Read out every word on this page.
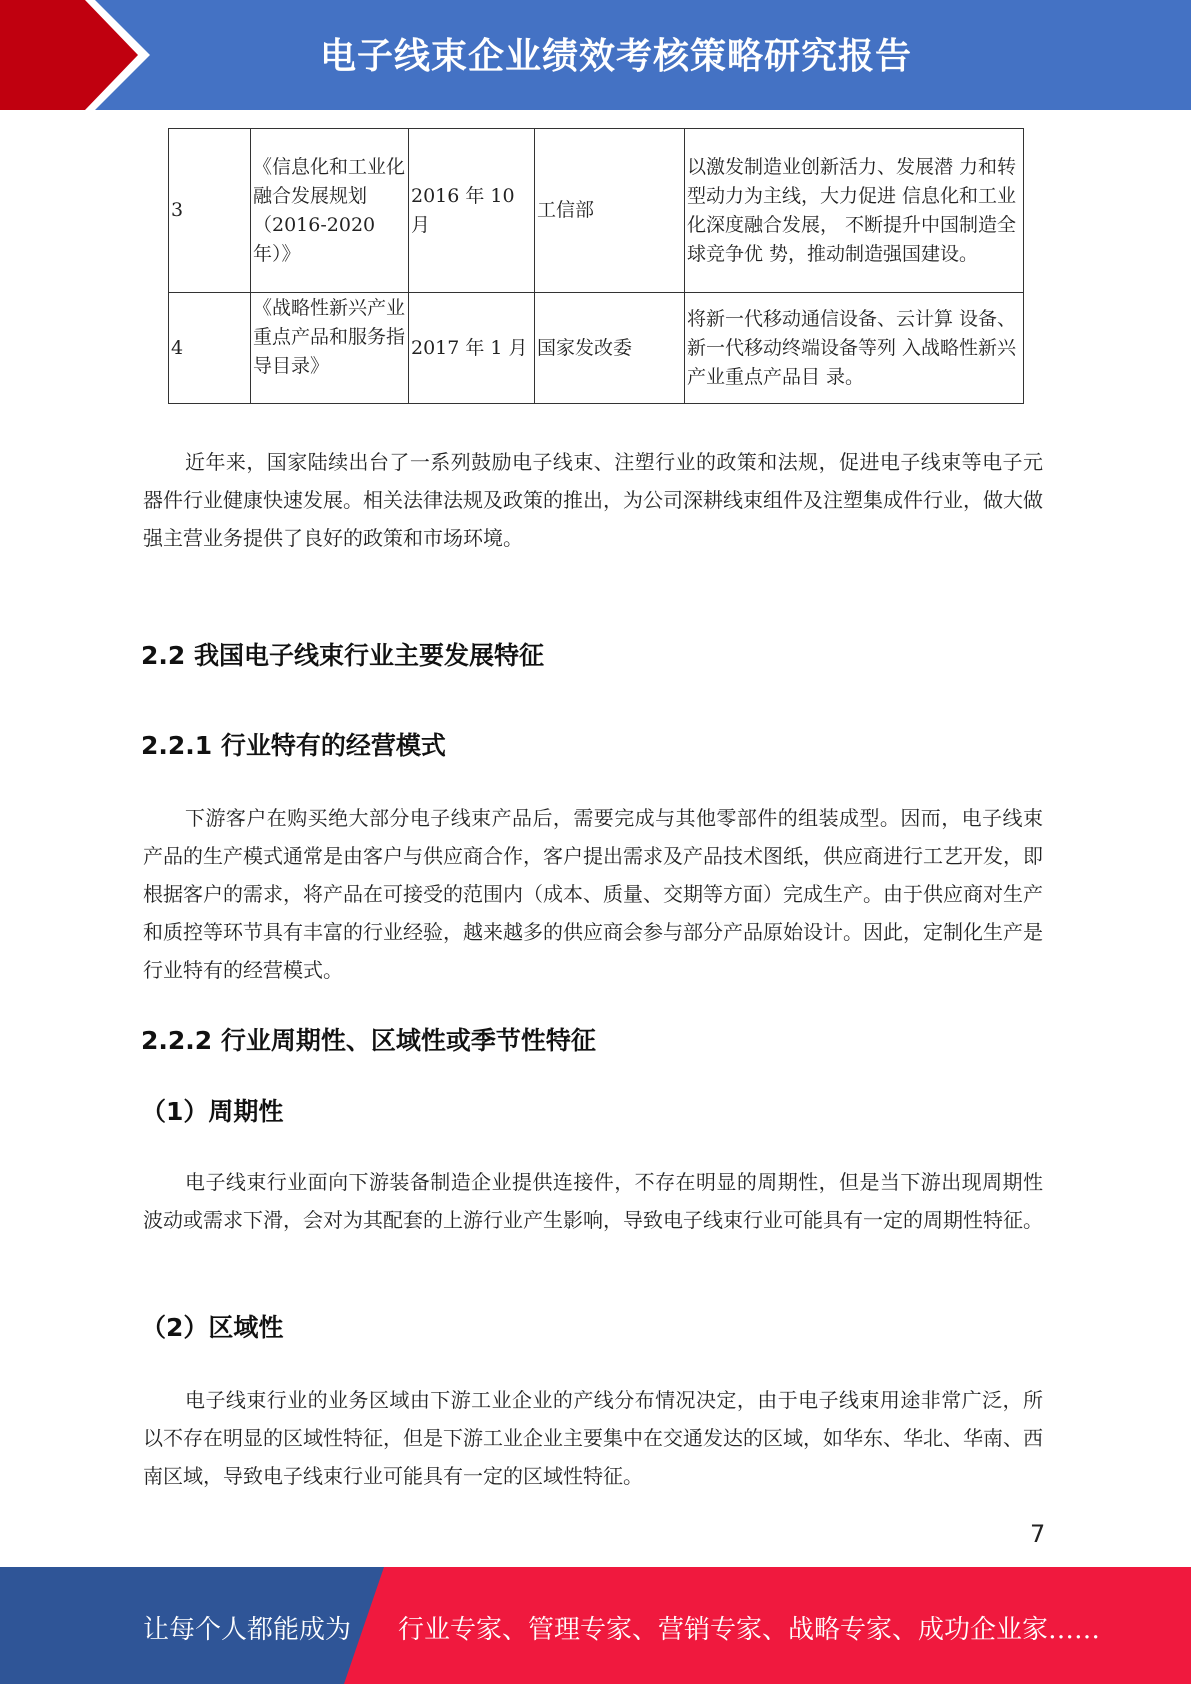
电子线束企业绩效考核策略研究报告
3	《信息化和工业化融合发展规划（2016-2020 年）》	2016 年 10 月	工信部	以激发制造业创新活力、发展潜 力和转型动力为主线，大力促进 信息化和工业化深度融合发展， 不断提升中国制造全球竞争优 势，推动制造强国建设。
4	《战略性新兴产业重点产品和服务指导目录》	2017 年 1 月	国家发改委	将新一代移动通信设备、云计算 设备、新一代移动终端设备等列 入战略性新兴产业重点产品目 录。
近年来，国家陆续出台了一系列鼓励电子线束、注塑行业的政策和法规，促进电子线束等电子元器件行业健康快速发展。相关法律法规及政策的推出，为公司深耕线束组件及注塑集成件行业，做大做强主营业务提供了良好的政策和市场环境。
2.2 我国电子线束行业主要发展特征
2.2.1 行业特有的经营模式
下游客户在购买绝大部分电子线束产品后，需要完成与其他零部件的组装成型。因而，电子线束产品的生产模式通常是由客户与供应商合作，客户提出需求及产品技术图纸，供应商进行工艺开发，即根据客户的需求，将产品在可接受的范围内（成本、质量、交期等方面）完成生产。由于供应商对生产和质控等环节具有丰富的行业经验，越来越多的供应商会参与部分产品原始设计。因此，定制化生产是行业特有的经营模式。
2.2.2 行业周期性、区域性或季节性特征
（1）周期性
电子线束行业面向下游装备制造企业提供连接件，不存在明显的周期性，但是当下游出现周期性波动或需求下滑，会对为其配套的上游行业产生影响，导致电子线束行业可能具有一定的周期性特征。
（2）区域性
电子线束行业的业务区域由下游工业企业的产线分布情况决定，由于电子线束用途非常广泛，所以不存在明显的区域性特征，但是下游工业企业主要集中在交通发达的区域，如华东、华北、华南、西南区域，导致电子线束行业可能具有一定的区域性特征。
7
让每个人都能成为 行业专家、管理专家、营销专家、战略专家、成功企业家……
